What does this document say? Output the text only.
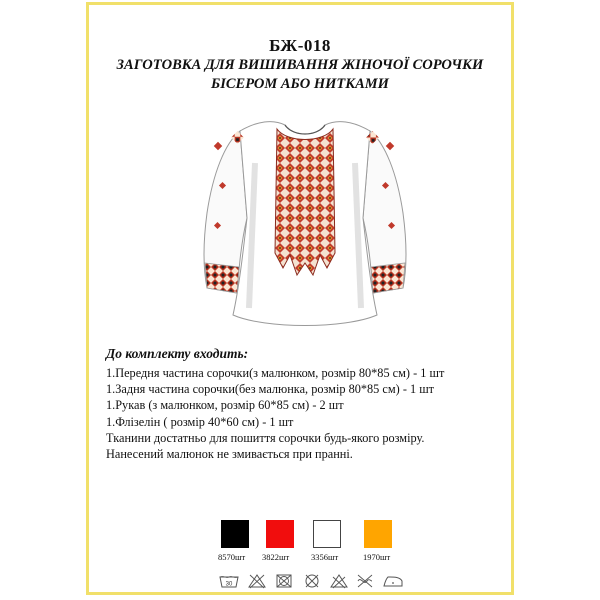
БЖ-018
ЗАГОТОВКА ДЛЯ ВИШИВАННЯ ЖІНОЧОЇ СОРОЧКИ
БІСЕРОМ АБО НИТКАМИ
До комплекту входить:
1.Передня частина сорочки(з малюнком, розмір 80*85 см) - 1 шт
1.Задня частина сорочки(без малюнка, розмір 80*85 см) - 1 шт
1.Рукав (з малюнком, розмір 60*85 см) - 2 шт
1.Флізелін ( розмір 40*60 см) - 1 шт
Тканини достатньо для пошиття сорочки будь-якого розміру.
Нанесений малюнок не змивається при пранні.
8570шт 3822шт	3356шт	1970шт
30
